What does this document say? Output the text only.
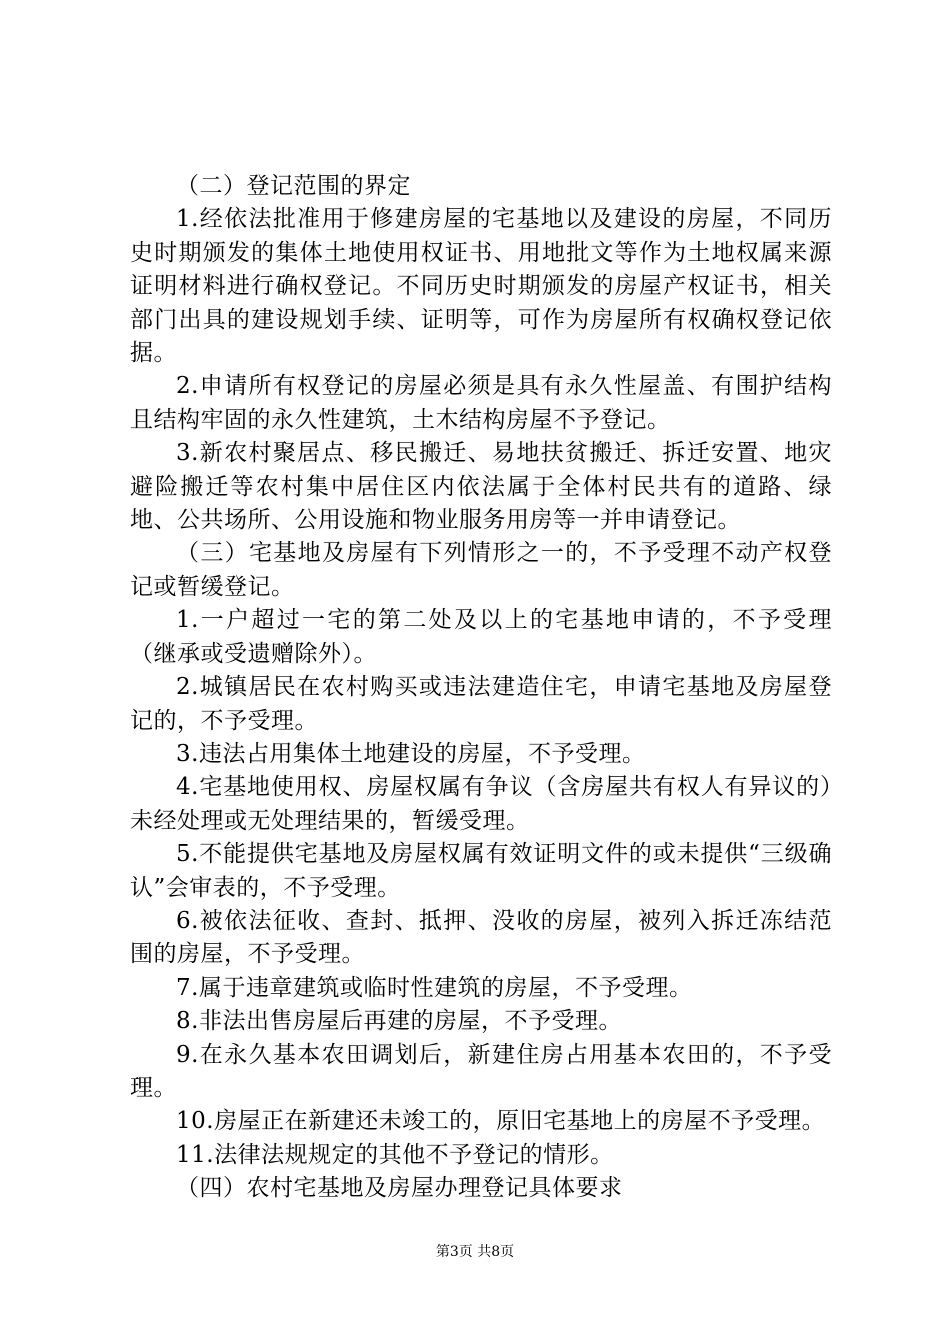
（二）登记范围的界定

1.经依法批准用于修建房屋的宅基地以及建设的房屋，不同历史时期颁发的集体土地使用权证书、用地批文等作为土地权属来源证明材料进行确权登记。不同历史时期颁发的房屋产权证书，相关部门出具的建设规划手续、证明等，可作为房屋所有权确权登记依据。

2.申请所有权登记的房屋必须是具有永久性屋盖、有围护结构且结构牢固的永久性建筑，土木结构房屋不予登记。

3.新农村聚居点、移民搬迁、易地扶贫搬迁、拆迁安置、地灾避险搬迁等农村集中居住区内依法属于全体村民共有的道路、绿地、公共场所、公用设施和物业服务用房等一并申请登记。

（三）宅基地及房屋有下列情形之一的，不予受理不动产权登记或暂缓登记。

1.一户超过一宅的第二处及以上的宅基地申请的，不予受理（继承或受遗赠除外）。

2.城镇居民在农村购买或违法建造住宅，申请宅基地及房屋登记的，不予受理。

3.违法占用集体土地建设的房屋，不予受理。

4.宅基地使用权、房屋权属有争议（含房屋共有权人有异议的）未经处理或无处理结果的，暂缓受理。

5.不能提供宅基地及房屋权属有效证明文件的或未提供“三级确认”会审表的，不予受理。

6.被依法征收、查封、抵押、没收的房屋，被列入拆迁冻结范围的房屋，不予受理。

7.属于违章建筑或临时性建筑的房屋，不予受理。

8.非法出售房屋后再建的房屋，不予受理。

9.在永久基本农田调划后，新建住房占用基本农田的，不予受理。

10.房屋正在新建还未竣工的，原旧宅基地上的房屋不予受理。

11.法律法规规定的其他不予登记的情形。

（四）农村宅基地及房屋办理登记具体要求

第3页 共8页
